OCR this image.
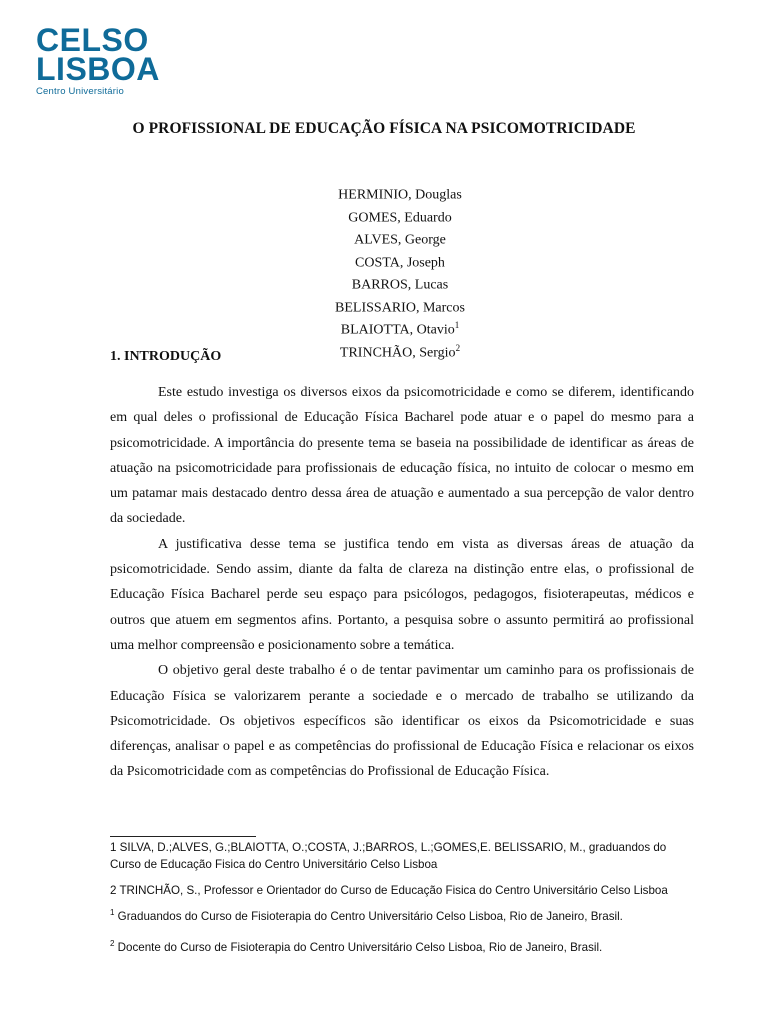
CELSO
LISBOA
Centro Universitário
O PROFISSIONAL DE EDUCAÇÃO FÍSICA NA PSICOMOTRICIDADE
HERMINIO, Douglas
GOMES, Eduardo
ALVES, George
COSTA, Joseph
BARROS, Lucas
BELISSARIO, Marcos
BLAIOTTA, Otavio$^1$
TRINCHÃO, Sergio$^2$
1. INTRODUÇÃO

Este estudo investiga os diversos eixos da psicomotricidade e como se diferem, identificando em qual deles o profissional de Educação Física Bacharel pode atuar e o papel do mesmo para a psicomotricidade. A importância do presente tema se baseia na possibilidade de identificar as áreas de atuação na psicomotricidade para profissionais de educação física, no intuito de colocar o mesmo em um patamar mais destacado dentro dessa área de atuação e aumentado a sua percepção de valor dentro da sociedade.

A justificativa desse tema se justifica tendo em vista as diversas áreas de atuação da psicomotricidade. Sendo assim, diante da falta de clareza na distinção entre elas, o profissional de Educação Física Bacharel perde seu espaço para psicólogos, pedagogos, fisioterapeutas, médicos e outros que atuem em segmentos afins. Portanto, a pesquisa sobre o assunto permitirá ao profissional uma melhor compreensão e posicionamento sobre a temática.

O objetivo geral deste trabalho é o de tentar pavimentar um caminho para os profissionais de Educação Física se valorizarem perante a sociedade e o mercado de trabalho se utilizando da Psicomotricidade. Os objetivos específicos são identificar os eixos da Psicomotricidade e suas diferenças, analisar o papel e as competências do profissional de Educação Física e relacionar os eixos da Psicomotricidade com as competências do Profissional de Educação Física.

1 SILVA, D.;ALVES, G.;BLAIOTTA, O.;COSTA, J.;BARROS, L.;GOMES,E. BELISSARIO, M., graduandos do Curso de Educação Fisica do Centro Universitário Celso Lisboa

2 TRINCHÃO, S., Professor e Orientador do Curso de Educação Fisica do Centro Universitário Celso Lisboa

$^1$ Graduandos do Curso de Fisioterapia do Centro Universitário Celso Lisboa, Rio de Janeiro, Brasil.

$^2$ Docente do Curso de Fisioterapia do Centro Universitário Celso Lisboa, Rio de Janeiro, Brasil.
